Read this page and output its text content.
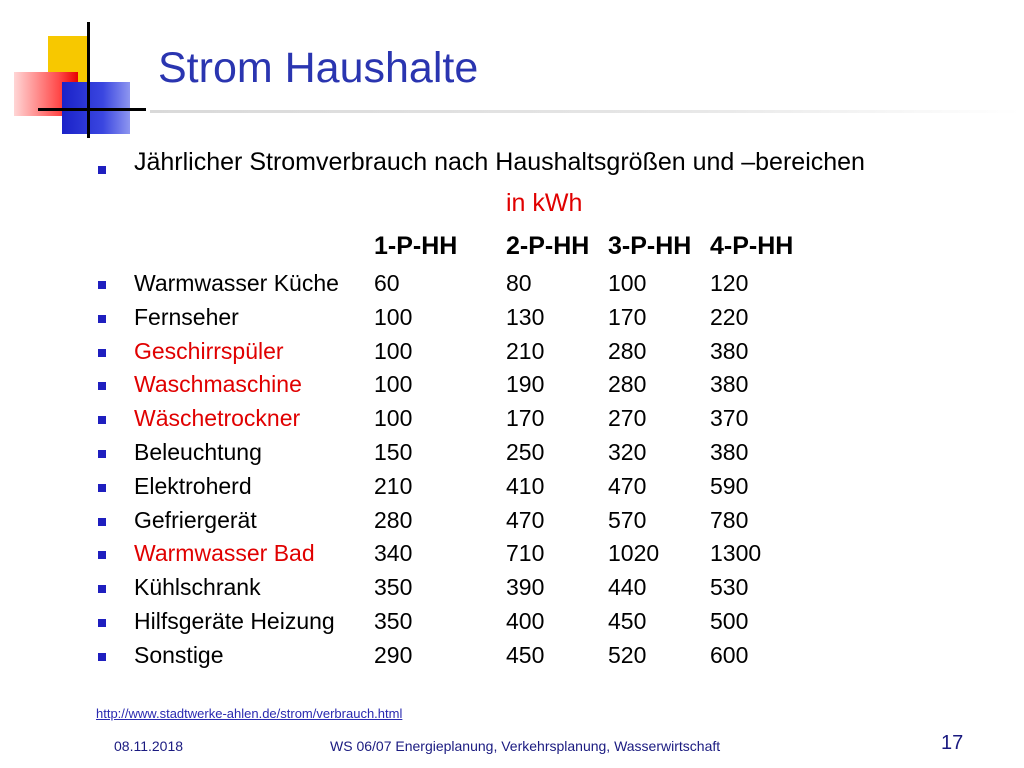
Strom Haushalte
Jährlicher Stromverbrauch nach Haushaltsgrößen und –bereichen
in kWh
1-P-HH 2-P-HH 3-P-HH 4-P-HH
Warmwasser Küche 60	80	100	120
Fernseher	100	130	170	220
Geschirrspüler	100	210	280	380
Waschmaschine	100	190	280	380
Wäschetrockner	100	170	270	370
Beleuchtung	150	250	320	380
Elektroherd	210	410	470	590
Gefriergerät	280	470	570	780
Warmwasser Bad	340	710	1020 1300
Kühlschrank	350	390	440	530
Hilfsgeräte Heizung 350	400	450	500
Sonstige	290	450	520	600
http://www.stadtwerke-ahlen.de/strom/verbrauch.html
08.11.2018	WS 06/07 Energieplanung, Verkehrsplanung, Wasserwirtschaft	17
